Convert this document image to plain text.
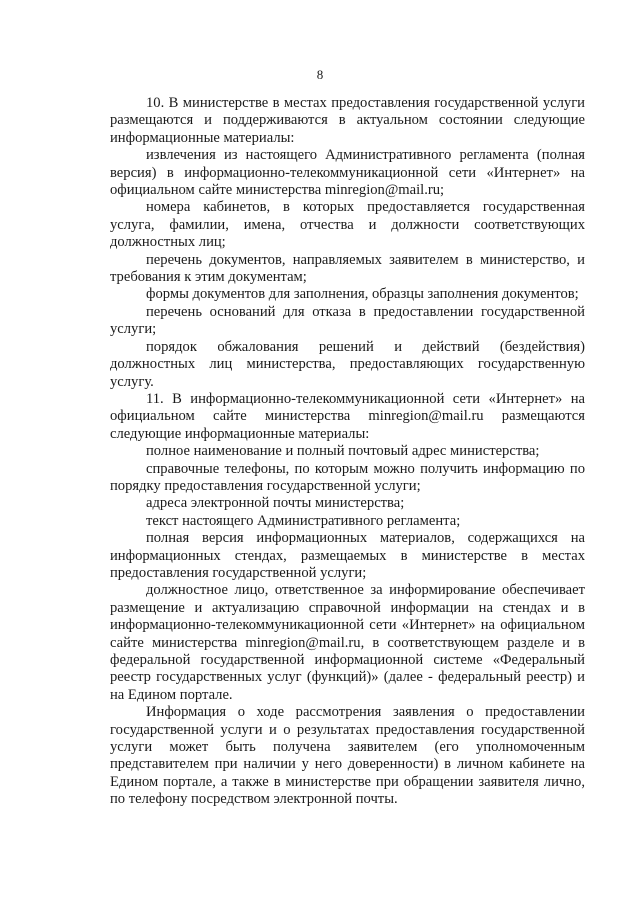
8

10. В министерстве в местах предоставления государственной услуги размещаются и поддерживаются в актуальном состоянии следующие информационные материалы:

извлечения из настоящего Административного регламента (полная версия) в информационно-телекоммуникационной сети «Интернет» на официальном сайте министерства minregion@mail.ru;

номера кабинетов, в которых предоставляется государственная услуга, фамилии, имена, отчества и должности соответствующих должностных лиц;

перечень документов, направляемых заявителем в министерство, и требования к этим документам;

формы документов для заполнения, образцы заполнения документов;

перечень оснований для отказа в предоставлении государственной услуги;

порядок обжалования решений и действий (бездействия) должностных лиц министерства, предоставляющих государственную услугу.

11. В информационно-телекоммуникационной сети «Интернет» на официальном сайте министерства minregion@mail.ru размещаются следующие информационные материалы:

полное наименование и полный почтовый адрес министерства;

справочные телефоны, по которым можно получить информацию по порядку предоставления государственной услуги;

адреса электронной почты министерства;

текст настоящего Административного регламента;

полная версия информационных материалов, содержащихся на информационных стендах, размещаемых в министерстве в местах предоставления государственной услуги;

должностное лицо, ответственное за информирование обеспечивает размещение и актуализацию справочной информации на стендах и в информационно-телекоммуникационной сети «Интернет» на официальном сайте министерства minregion@mail.ru, в соответствующем разделе и в федеральной государственной информационной системе «Федеральный реестр государственных услуг (функций)» (далее - федеральный реестр) и на Едином портале.

Информация о ходе рассмотрения заявления о предоставлении государственной услуги и о результатах предоставления государственной услуги может быть получена заявителем (его уполномоченным представителем при наличии у него доверенности) в личном кабинете на Едином портале, а также в министерстве при обращении заявителя лично, по телефону посредством электронной почты.
